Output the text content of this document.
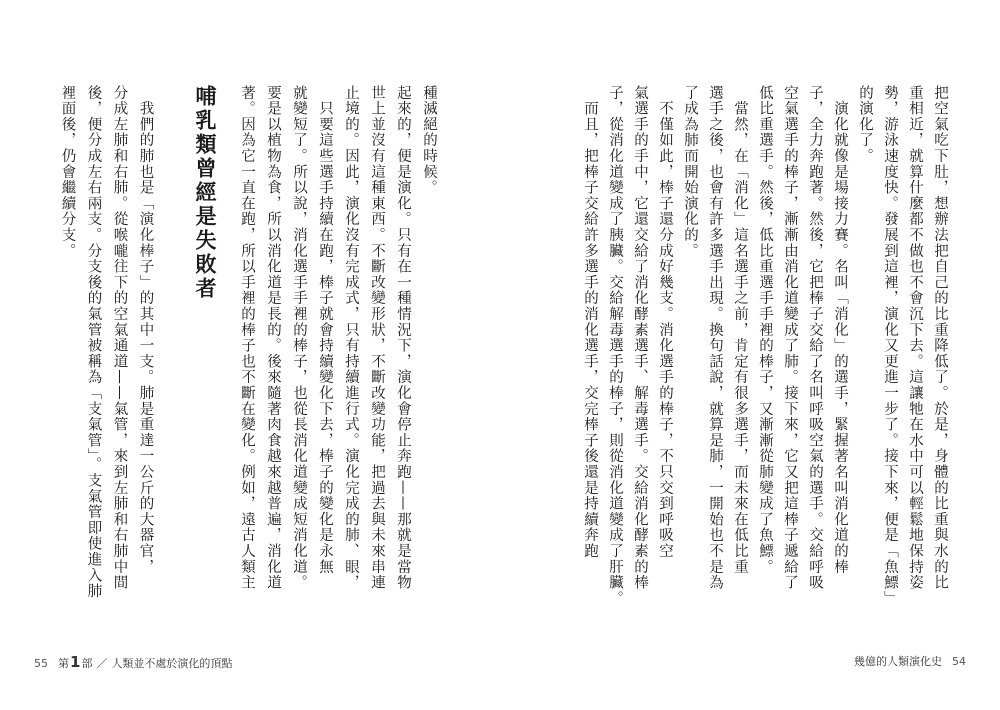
著。因為它一直在跑，所以手裡的棒子也不斷在變化。例如，遠古人類主 要是以植物為食，所以消化道是長的。後來隨著肉食越來越普遍，消化道 就變短了。所以說，消化選手手裡的棒子，也從長消化道變成短消化道。 　只要這些選手持續在跑，棒子就會持續變化下去，棒子的變化是永無 止境的。因此，演化沒有完成式，只有持續進行式。演化完成的肺、眼， 世上並沒有這種東西。不斷改變形狀，不斷改變功能，把過去與未來串連 起來的，便是演化。只有在一種情況下，演化會停止奔跑——那就是當物 種滅絕的時候。
哺乳類曾經是失敗者
　我們的肺也是「演化棒子」的其中一支。肺是重達一公斤的大器官，
分成左肺和右肺。從喉嚨往下的空氣通道——氣管，來到左肺和右肺中間
後，便分成左右兩支。分支後的氣管被稱為「支氣管」。支氣管即使進入肺
裡面後，仍會繼續分支。
55 第1部 ／ 人類並不處於演化的頂點
把空氣吃下肚，想辦法把自己的比重降低了。於是，身體的比重與水的比
重相近，就算什麼都不做也不會沉下去。這讓牠在水中可以輕鬆地保持姿
勢，游泳速度快。發展到這裡，演化又更進一步了。接下來，便是「魚鰾」
的演化了。
　演化就像是場接力賽。名叫「消化」的選手，緊握著名叫消化道的棒
子，全力奔跑著。然後，它把棒子交給了名叫呼吸空氣的選手。交給呼吸
空氣選手的棒子，漸漸由消化道變成了肺。接下來，它又把這棒子遞給了
低比重選手。然後，低比重選手手裡的棒子，又漸漸從肺變成了魚鰾。
　當然，在「消化」這名選手之前，肯定有很多選手，而未來在低比重
選手之後，也會有許多選手出現。換句話說，就算是肺，一開始也不是為
了成為肺而開始演化的。
　不僅如此，棒子還分成好幾支。消化選手的棒子，不只交到呼吸空
氣選手的手中，它還交給了消化酵素選手、解毒選手。交給消化酵素的棒
子，從消化道變成了胰臟。交給解毒選手的棒子，則從消化道變成了肝臟。
　而且，把棒子交給許多選手的消化選手，交完棒子後還是持續奔跑
幾億的人類演化史 54
